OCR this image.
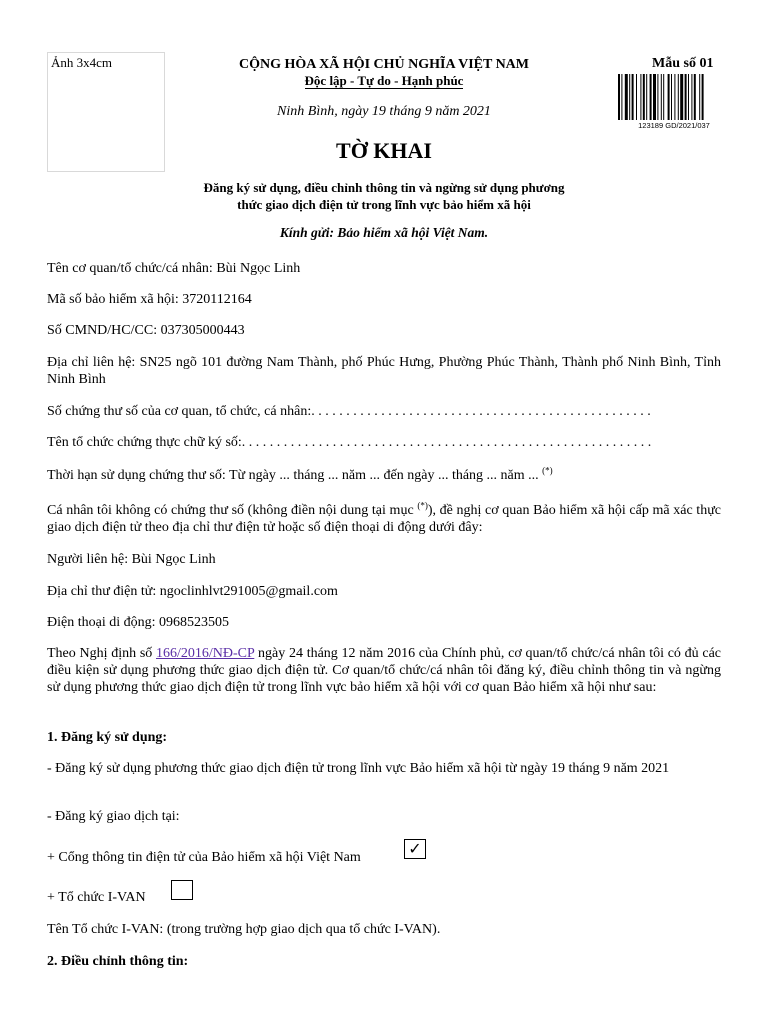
Ảnh 3x4cm	CỘNG HÒA XÃ HỘI CHỦ NGHĨA VIỆT NAM
Độc lập - Tự do - Hạnh phúc
Ninh Bình, ngày 19 tháng 9 năm 2021
Mẫu số 01
123189 GD/2021/037
TỜ KHAI
Đăng ký sử dụng, điều chỉnh thông tin và ngừng sử dụng phương
thức giao dịch điện tử trong lĩnh vực bảo hiểm xã hội
Kính gửi: Bảo hiểm xã hội Việt Nam.
Tên cơ quan/tổ chức/cá nhân: Bùi Ngọc Linh
Mã số bảo hiểm xã hội: 3720112164
Số CMND/HC/CC: 037305000443
Địa chỉ liên hệ: SN25 ngõ 101 đường Nam Thành, phố Phúc Hưng, Phường Phúc Thành, Thành phố Ninh Bình, Tỉnh Ninh Bình
Số chứng thư số của cơ quan, tổ chức, cá nhân:. . . . . . . . . . . . . . . . . . . . . . . . . . . . . . . . . . . . . . . . . . . . . . . . .
Tên tổ chức chứng thực chữ ký số:. . . . . . . . . . . . . . . . . . . . . . . . . . . . . . . . . . . . . . . . . . . . . . . . . . . . . . . . . . .
Thời hạn sử dụng chứng thư số: Từ ngày ... tháng ... năm ... đến ngày ... tháng ... năm ... (*)
Cá nhân tôi không có chứng thư số (không điền nội dung tại mục (*)), đề nghị cơ quan Bảo hiểm xã hội cấp mã xác thực giao dịch điện tử theo địa chỉ thư điện tử hoặc số điện thoại di động dưới đây:
Người liên hệ: Bùi Ngọc Linh
Địa chỉ thư điện tử: ngoclinhlvt291005@gmail.com
Điện thoại di động: 0968523505
Theo Nghị định số 166/2016/NĐ-CP ngày 24 tháng 12 năm 2016 của Chính phủ, cơ quan/tổ chức/cá nhân tôi có đủ các điều kiện sử dụng phương thức giao dịch điện tử. Cơ quan/tổ chức/cá nhân tôi đăng ký, điều chỉnh thông tin và ngừng sử dụng phương thức giao dịch điện tử trong lĩnh vực bảo hiểm xã hội với cơ quan Bảo hiểm xã hội như sau:
1. Đăng ký sử dụng:
- Đăng ký sử dụng phương thức giao dịch điện tử trong lĩnh vực Bảo hiểm xã hội từ ngày 19 tháng 9 năm 2021
- Đăng ký giao dịch tại:
+ Cổng thông tin điện tử của Bảo hiểm xã hội Việt Nam	✓
+ Tổ chức I-VAN
Tên Tổ chức I-VAN: (trong trường hợp giao dịch qua tổ chức I-VAN).
2. Điều chỉnh thông tin:
